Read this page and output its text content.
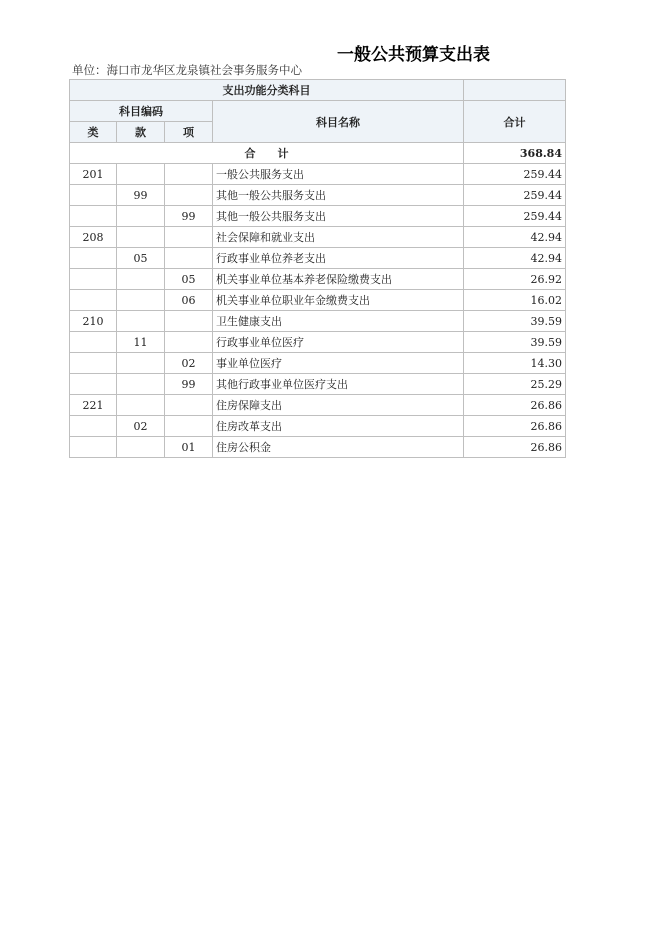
一般公共预算支出表
单位：海口市龙华区龙泉镇社会事务服务中心
支出功能分类科目				
科目编码			科目名称	合计
类	款	项		
合　　计				368.84
201			一般公共服务支出	259.44
	99		其他一般公共服务支出	259.44
		99	其他一般公共服务支出	259.44
208			社会保障和就业支出	42.94
	05		行政事业单位养老支出	42.94
		05	机关事业单位基本养老保险缴费支出	26.92
		06	机关事业单位职业年金缴费支出	16.02
210			卫生健康支出	39.59
	11		行政事业单位医疗	39.59
		02	事业单位医疗	14.30
		99	其他行政事业单位医疗支出	25.29
221			住房保障支出	26.86
	02		住房改革支出	26.86
		01	住房公积金	26.86
